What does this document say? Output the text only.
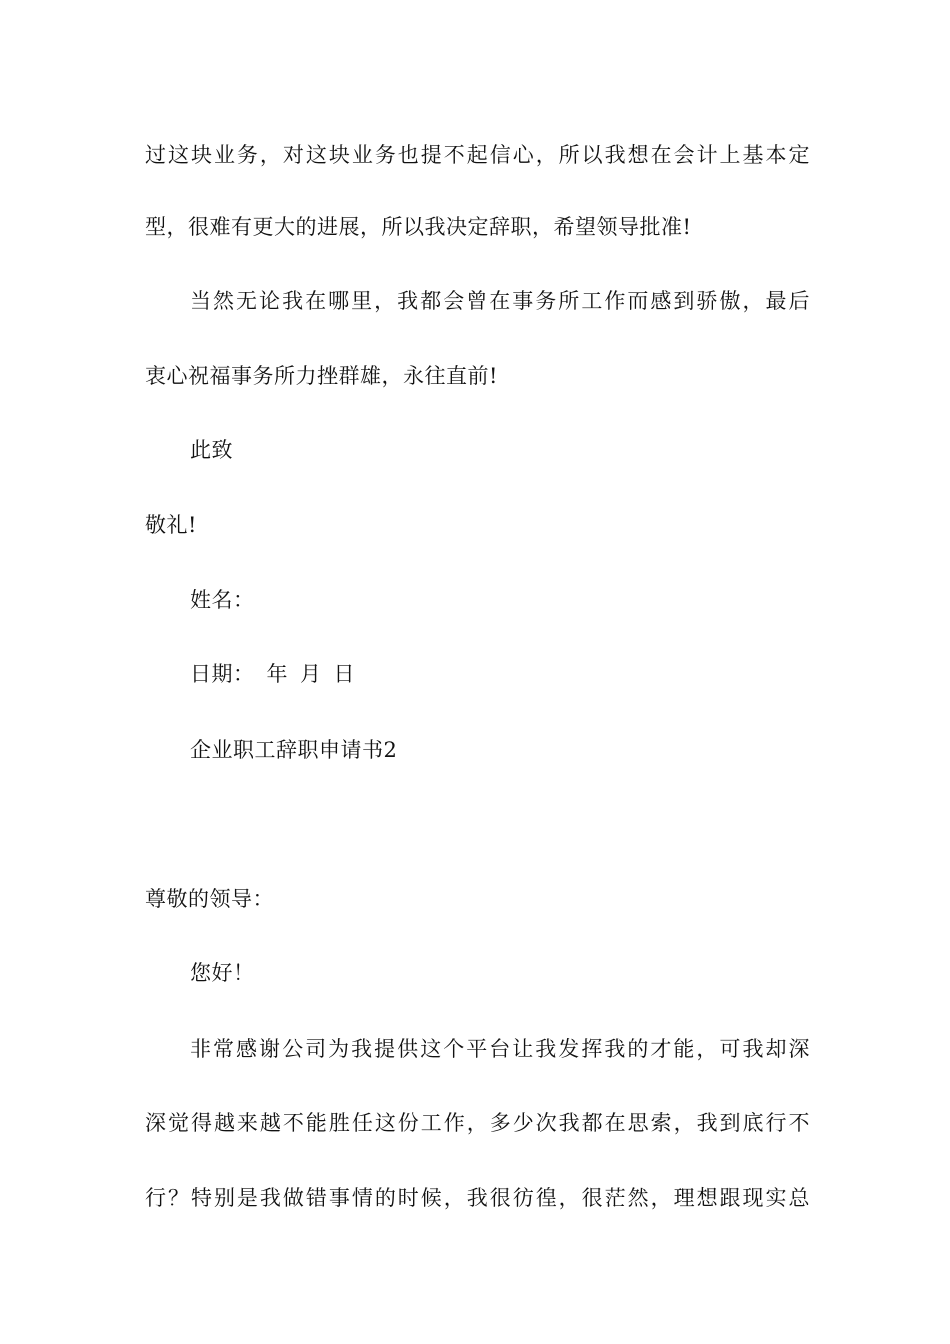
过这块业务，对这块业务也提不起信心，所以我想在会计上基本定
型，很难有更大的进展，所以我决定辞职，希望领导批准!
当然无论我在哪里，我都会曾在事务所工作而感到骄傲，最后
衷心祝福事务所力挫群雄，永往直前!
此致
敬礼!
姓名：
日期： 年 月 日
企业职工辞职申请书2
尊敬的领导：
您好！
非常感谢公司为我提供这个平台让我发挥我的才能，可我却深
深觉得越来越不能胜任这份工作，多少次我都在思索，我到底行不
行？特别是我做错事情的时候，我很彷徨，很茫然，理想跟现实总
